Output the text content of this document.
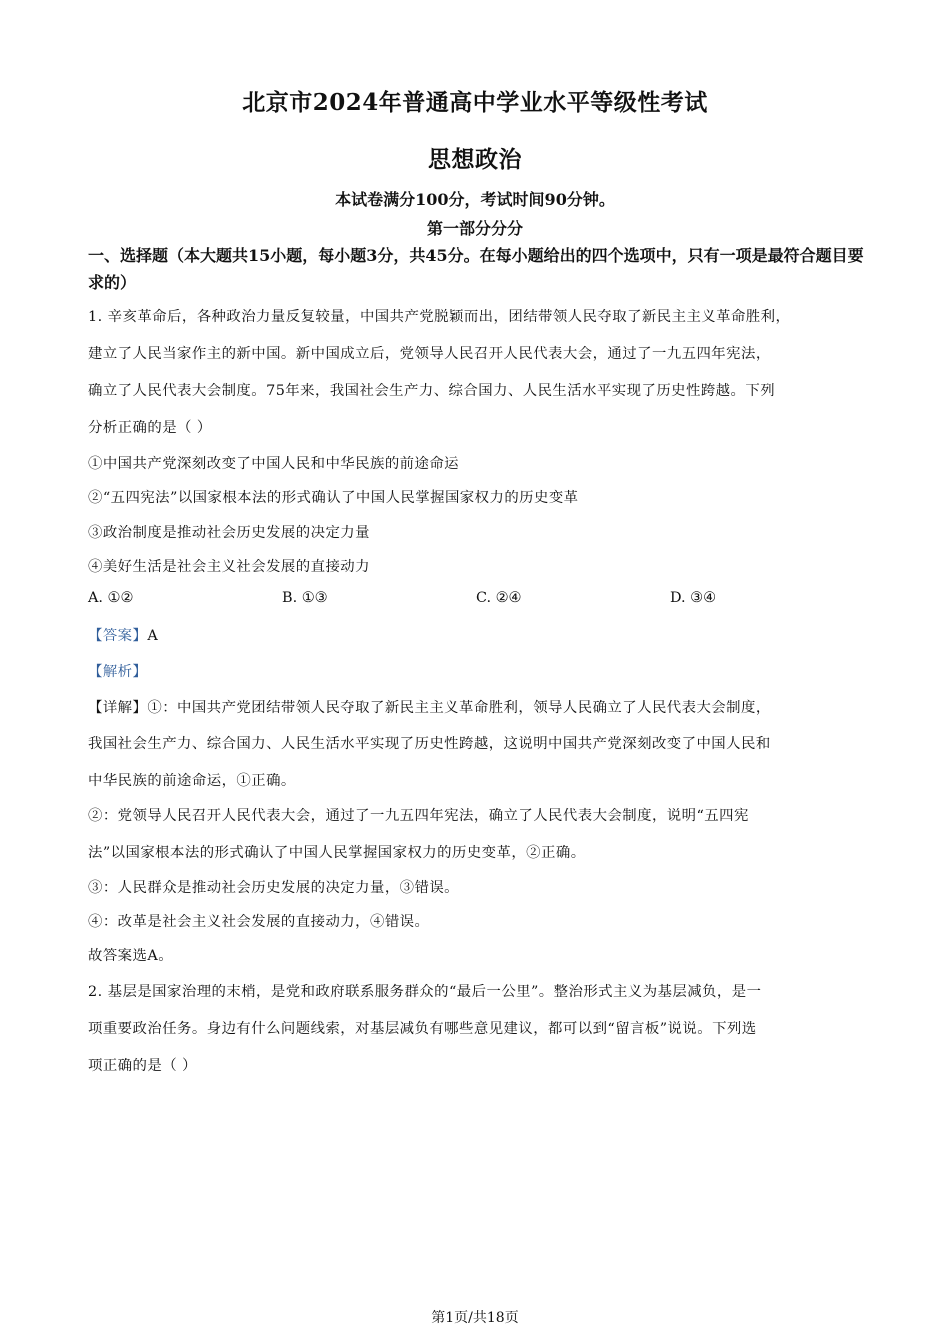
北京市2024年普通高中学业水平等级性考试
思想政治
本试卷满分100分，考试时间90分钟。
第一部分分分
一、选择题（本大题共15小题，每小题3分，共45分。在每小题给出的四个选项中，只有一项是最符合题目要求的）
1. 辛亥革命后，各种政治力量反复较量，中国共产党脱颖而出，团结带领人民夺取了新民主主义革命胜利，
建立了人民当家作主的新中国。新中国成立后，党领导人民召开人民代表大会，通过了一九五四年宪法，
确立了人民代表大会制度。75年来，我国社会生产力、综合国力、人民生活水平实现了历史性跨越。下列
分析正确的是（ ）
①中国共产党深刻改变了中国人民和中华民族的前途命运
②“五四宪法”以国家根本法的形式确认了中国人民掌握国家权力的历史变革
③政治制度是推动社会历史发展的决定力量
④美好生活是社会主义社会发展的直接动力
A. ①②	B. ①③	C. ②④	D. ③④
【答案】A
【解析】
【详解】①：中国共产党团结带领人民夺取了新民主主义革命胜利，领导人民确立了人民代表大会制度，
我国社会生产力、综合国力、人民生活水平实现了历史性跨越，这说明中国共产党深刻改变了中国人民和
中华民族的前途命运，①正确。
②：党领导人民召开人民代表大会，通过了一九五四年宪法，确立了人民代表大会制度，说明“五四宪
法”以国家根本法的形式确认了中国人民掌握国家权力的历史变革，②正确。
③：人民群众是推动社会历史发展的决定力量，③错误。
④：改革是社会主义社会发展的直接动力，④错误。
故答案选A。
2. 基层是国家治理的末梢，是党和政府联系服务群众的“最后一公里”。整治形式主义为基层减负，是一
项重要政治任务。身边有什么问题线索，对基层减负有哪些意见建议，都可以到“留言板”说说。下列选
项正确的是（ ）
第1页/共18页
